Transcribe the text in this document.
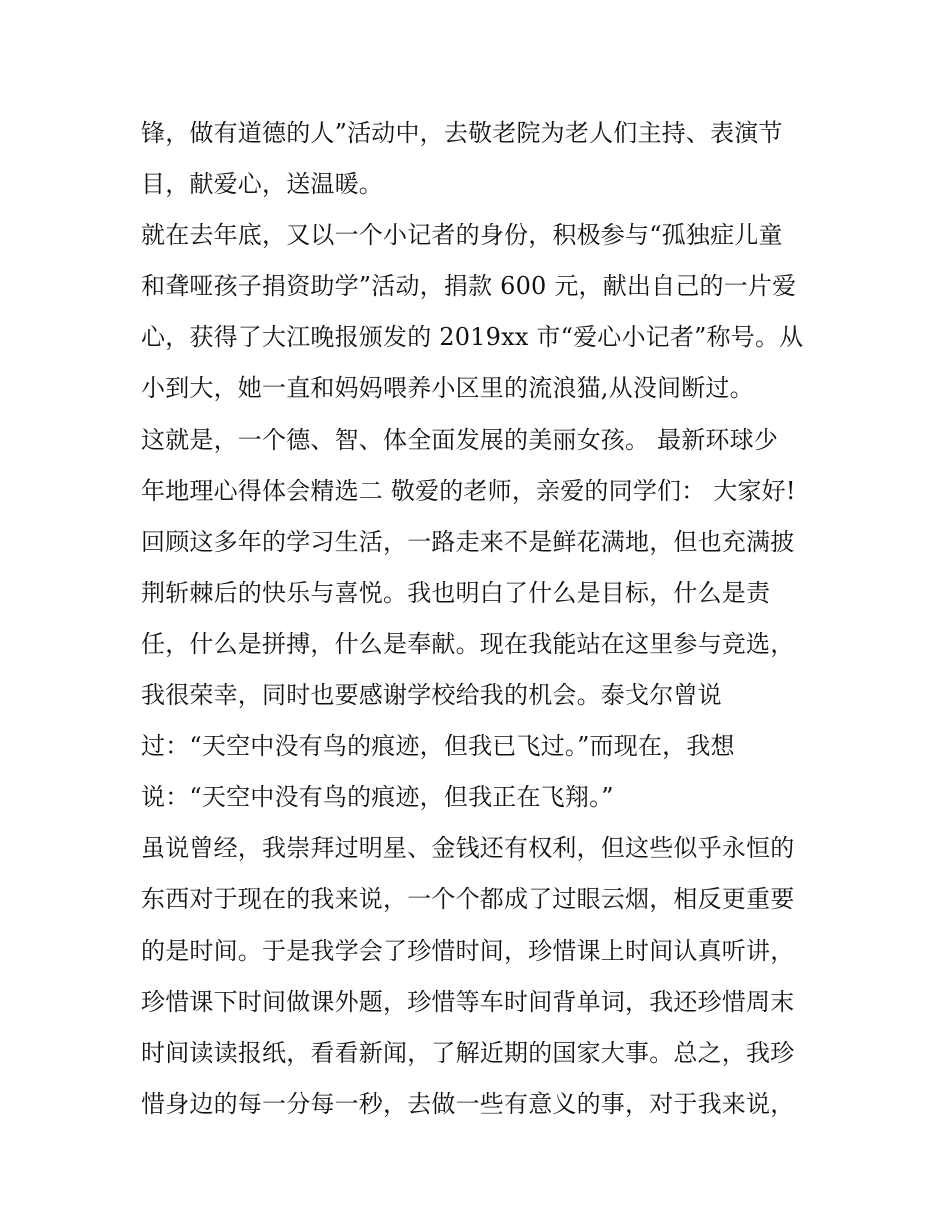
锋，做有道德的人”活动中，去敬老院为老人们主持、表演节
目，献爱心，送温暖。
就在去年底，又以一个小记者的身份，积极参与“孤独症儿童
和聋哑孩子捐资助学”活动，捐款 600 元，献出自己的一片爱
心，获得了大江晚报颁发的 2019xx 市“爱心小记者”称号。从
小到大，她一直和妈妈喂养小区里的流浪猫,从没间断过。
这就是，一个德、智、体全面发展的美丽女孩。 最新环球少
年地理心得体会精选二 敬爱的老师，亲爱的同学们： 大家好!
回顾这多年的学习生活，一路走来不是鲜花满地，但也充满披
荆斩棘后的快乐与喜悦。我也明白了什么是目标，什么是责
任，什么是拼搏，什么是奉献。现在我能站在这里参与竞选，
我很荣幸，同时也要感谢学校给我的机会。泰戈尔曾说
过：“天空中没有鸟的痕迹，但我已飞过。”而现在，我想
说：“天空中没有鸟的痕迹，但我正在飞翔。”
虽说曾经，我崇拜过明星、金钱还有权利，但这些似乎永恒的
东西对于现在的我来说，一个个都成了过眼云烟，相反更重要
的是时间。于是我学会了珍惜时间，珍惜课上时间认真听讲，
珍惜课下时间做课外题，珍惜等车时间背单词，我还珍惜周末
时间读读报纸，看看新闻，了解近期的国家大事。总之，我珍
惜身边的每一分每一秒，去做一些有意义的事，对于我来说，
